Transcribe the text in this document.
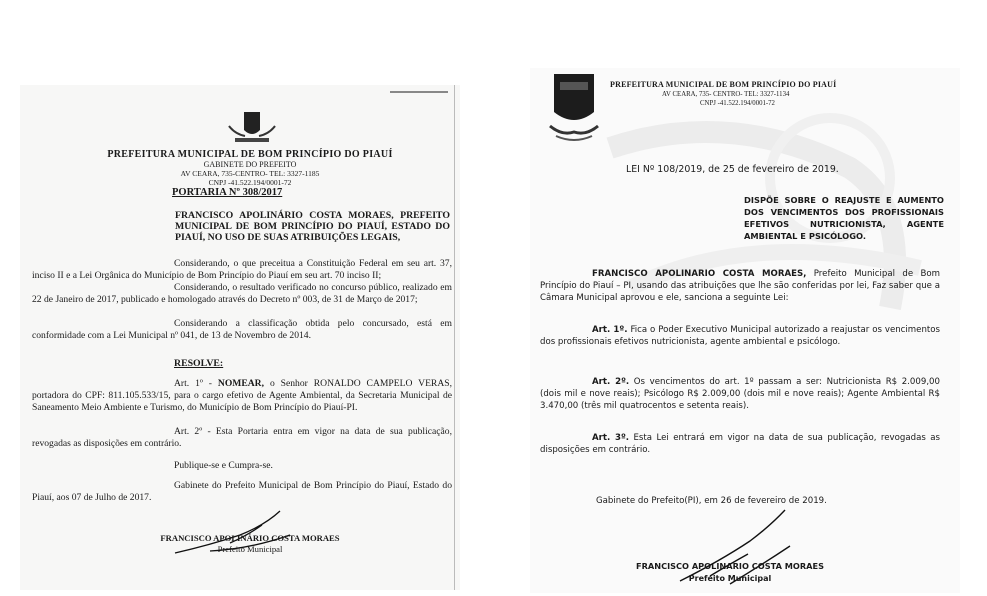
PREFEITURA MUNICIPAL DE BOM PRINCÍPIO DO PIAUÍ
GABINETE DO PREFEITO
AV CEARA, 735-CENTRO- TEL: 3327-1185
CNPJ -41.522.194/0001-72
PORTARIA Nº 308/2017
FRANCISCO APOLINÁRIO COSTA MORAES, PREFEITO MUNICIPAL DE BOM PRINCÍPIO DO PIAUÍ, ESTADO DO PIAUÍ, NO USO DE SUAS ATRIBUIÇÕES LEGAIS,
Considerando, o que preceitua a Constituição Federal em seu art. 37, inciso II e a Lei Orgânica do Município de Bom Princípio do Piauí em seu art. 70 inciso II;
Considerando, o resultado verificado no concurso público, realizado em 22 de Janeiro de 2017, publicado e homologado através do Decreto nº 003, de 31 de Março de 2017;
Considerando a classificação obtida pelo concursado, está em conformidade com a Lei Municipal nº 041, de 13 de Novembro de 2014.
RESOLVE:
Art. 1º - NOMEAR, o Senhor RONALDO CAMPELO VERAS, portadora do CPF: 811.105.533/15, para o cargo efetivo de Agente Ambiental, da Secretaria Municipal de Saneamento Meio Ambiente e Turismo, do Município de Bom Princípio do Piauí-PI.
Art. 2º - Esta Portaria entra em vigor na data de sua publicação, revogadas as disposições em contrário.
Publique-se e Cumpra-se.
Gabinete do Prefeito Municipal de Bom Princípio do Piauí, Estado do Piauí, aos 07 de Julho de 2017.
FRANCISCO APOLINÁRIO COSTA MORAES
Prefeito Municipal
PREFEITURA MUNICIPAL DE BOM PRINCÍPIO DO PIAUÍ
AV CEARA, 735- CENTRO- TEL: 3327-1134
CNPJ -41.522.194/0001-72
LEI Nº 108/2019, de 25 de fevereiro de 2019.
DISPÕE SOBRE O REAJUSTE E AUMENTO DOS VENCIMENTOS DOS PROFISSIONAIS EFETIVOS NUTRICIONISTA, AGENTE AMBIENTAL E PSICÓLOGO.
FRANCISCO APOLINARIO COSTA MORAES, Prefeito Municipal de Bom Princípio do Piauí – PI, usando das atribuições que lhe são conferidas por lei, Faz saber que a Câmara Municipal aprovou e ele, sanciona a seguinte Lei:
Art. 1º. Fica o Poder Executivo Municipal autorizado a reajustar os vencimentos dos profissionais efetivos nutricionista, agente ambiental e psicólogo.
Art. 2º. Os vencimentos do art. 1º passam a ser: Nutricionista R$ 2.009,00 (dois mil e nove reais); Psicólogo R$ 2.009,00 (dois mil e nove reais); Agente Ambiental R$ 3.470,00 (três mil quatrocentos e setenta reais).
Art. 3º. Esta Lei entrará em vigor na data de sua publicação, revogadas as disposições em contrário.
Gabinete do Prefeito(PI), em 26 de fevereiro de 2019.
FRANCISCO APOLINARIO COSTA MORAES
Prefeito Municipal
